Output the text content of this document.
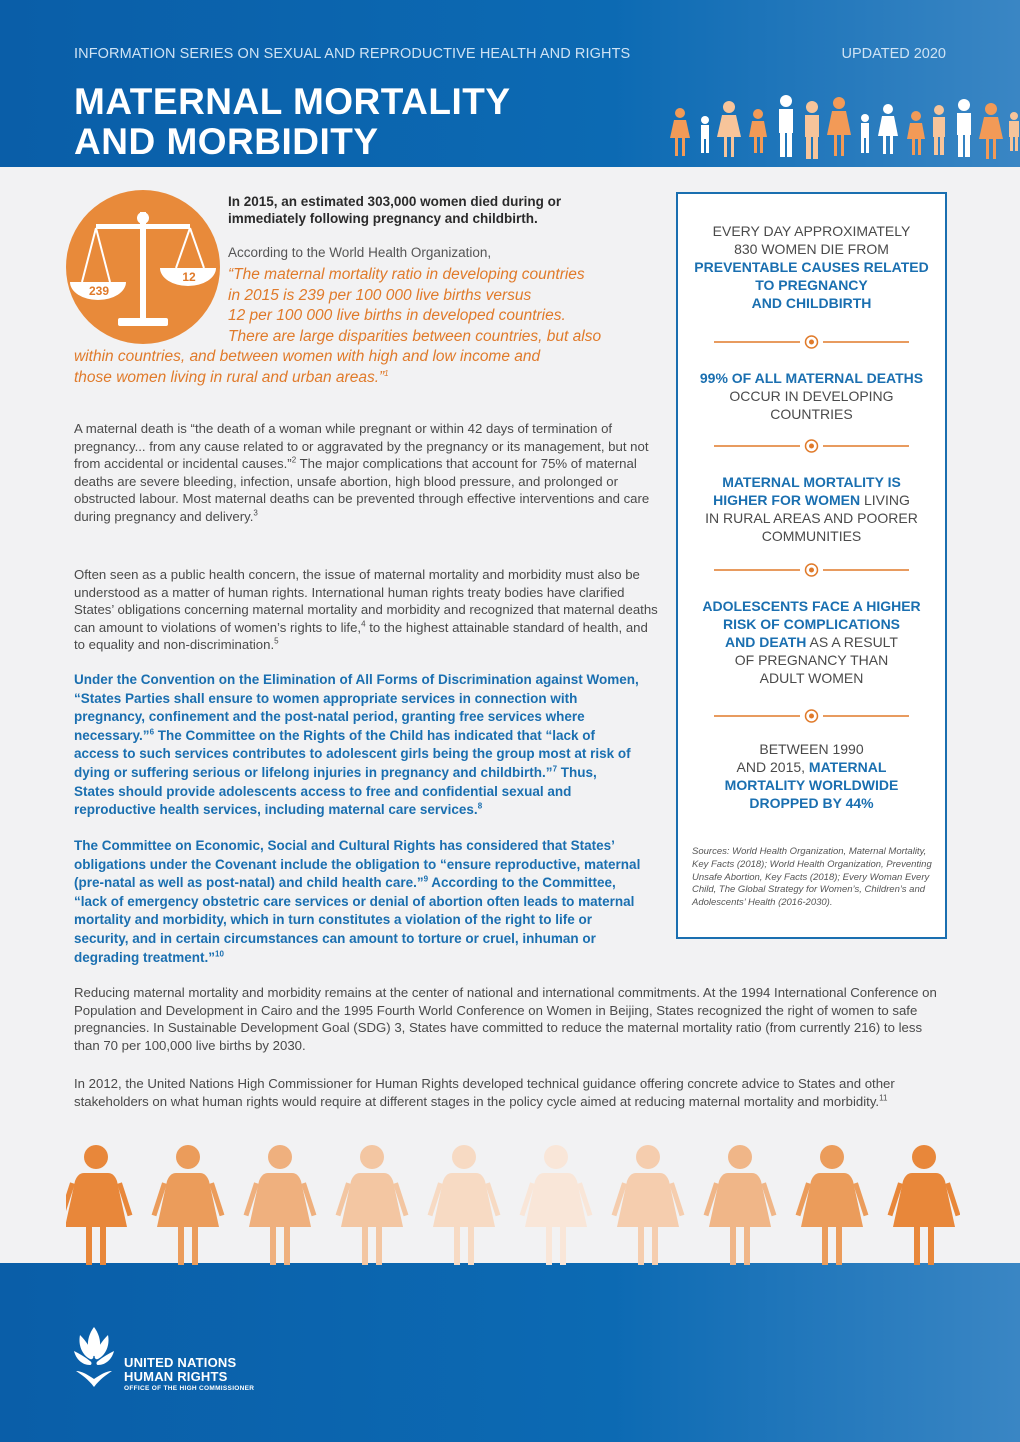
INFORMATION SERIES ON SEXUAL AND REPRODUCTIVE HEALTH AND RIGHTS	UPDATED 2020
MATERNAL MORTALITY
AND MORBIDITY
239
12
In 2015, an estimated 303,000 women died during or immediately following pregnancy and childbirth.
According to the World Health Organization,
“The maternal mortality ratio in developing countries
in 2015 is 239 per 100 000 live births versus
12 per 100 000 live births in developed countries.
There are large disparities between countries, but also
within countries, and between women with high and low income and
those women living in rural and urban areas.”$^1$
A maternal death is “the death of a woman while pregnant or within 42 days of termination of pregnancy... from any cause related to or aggravated by the pregnancy or its management, but not from accidental or incidental causes.”$^2$ The major complications that account for 75% of maternal deaths are severe bleeding, infection, unsafe abortion, high blood pressure, and prolonged or obstructed labour. Most maternal deaths can be prevented through effective interventions and care during pregnancy and delivery.$^3$
Often seen as a public health concern, the issue of maternal mortality and morbidity must also be understood as a matter of human rights. International human rights treaty bodies have clarified States’ obligations concerning maternal mortality and morbidity and recognized that maternal deaths can amount to violations of women’s rights to life,$^4$ to the highest attainable standard of health, and to equality and non-discrimination.$^5$
Under the Convention on the Elimination of All Forms of Discrimination against Women, “States Parties shall ensure to women appropriate services in connection with pregnancy, confinement and the post-natal period, granting free services where necessary.”$^6$ The Committee on the Rights of the Child has indicated that “lack of access to such services contributes to adolescent girls being the group most at risk of dying or suffering serious or lifelong injuries in pregnancy and childbirth.”$^7$ Thus, States should provide adolescents access to free and confidential sexual and reproductive health services, including maternal care services.$^8$
The Committee on Economic, Social and Cultural Rights has considered that States’ obligations under the Covenant include the obligation to “ensure reproductive, maternal (pre-natal as well as post-natal) and child health care.”$^9$ According to the Committee, “lack of emergency obstetric care services or denial of abortion often leads to maternal mortality and morbidity, which in turn constitutes a violation of the right to life or security, and in certain circumstances can amount to torture or cruel, inhuman or degrading treatment.”$^{10}$
Reducing maternal mortality and morbidity remains at the center of national and international commitments. At the 1994 International Conference on Population and Development in Cairo and the 1995 Fourth World Conference on Women in Beijing, States recognized the right of women to safe pregnancies. In Sustainable Development Goal (SDG) 3, States have committed to reduce the maternal mortality ratio (from currently 216) to less than 70 per 100,000 live births by 2030.
In 2012, the United Nations High Commissioner for Human Rights developed technical guidance offering concrete advice to States and other stakeholders on what human rights would require at different stages in the policy cycle aimed at reducing maternal mortality and morbidity.$^{11}$
EVERY DAY APPROXIMATELY
830 WOMEN DIE FROM
PREVENTABLE CAUSES RELATED
TO PREGNANCY
AND CHILDBIRTH
99% OF ALL MATERNAL DEATHS
OCCUR IN DEVELOPING
COUNTRIES
MATERNAL MORTALITY IS
HIGHER FOR WOMEN LIVING
IN RURAL AREAS AND POORER
COMMUNITIES
ADOLESCENTS FACE A HIGHER
RISK OF COMPLICATIONS
AND DEATH AS A RESULT
OF PREGNANCY THAN
ADULT WOMEN
BETWEEN 1990
AND 2015, MATERNAL
MORTALITY WORLDWIDE
DROPPED BY 44%
Sources: World Health Organization, Maternal Mortality, Key Facts (2018); World Health Organization, Preventing Unsafe Abortion, Key Facts (2018); Every Woman Every Child, The Global Strategy for Women’s, Children’s and Adolescents’ Health (2016-2030).
UNITED NATIONS
HUMAN RIGHTS
OFFICE OF THE HIGH COMMISSIONER
